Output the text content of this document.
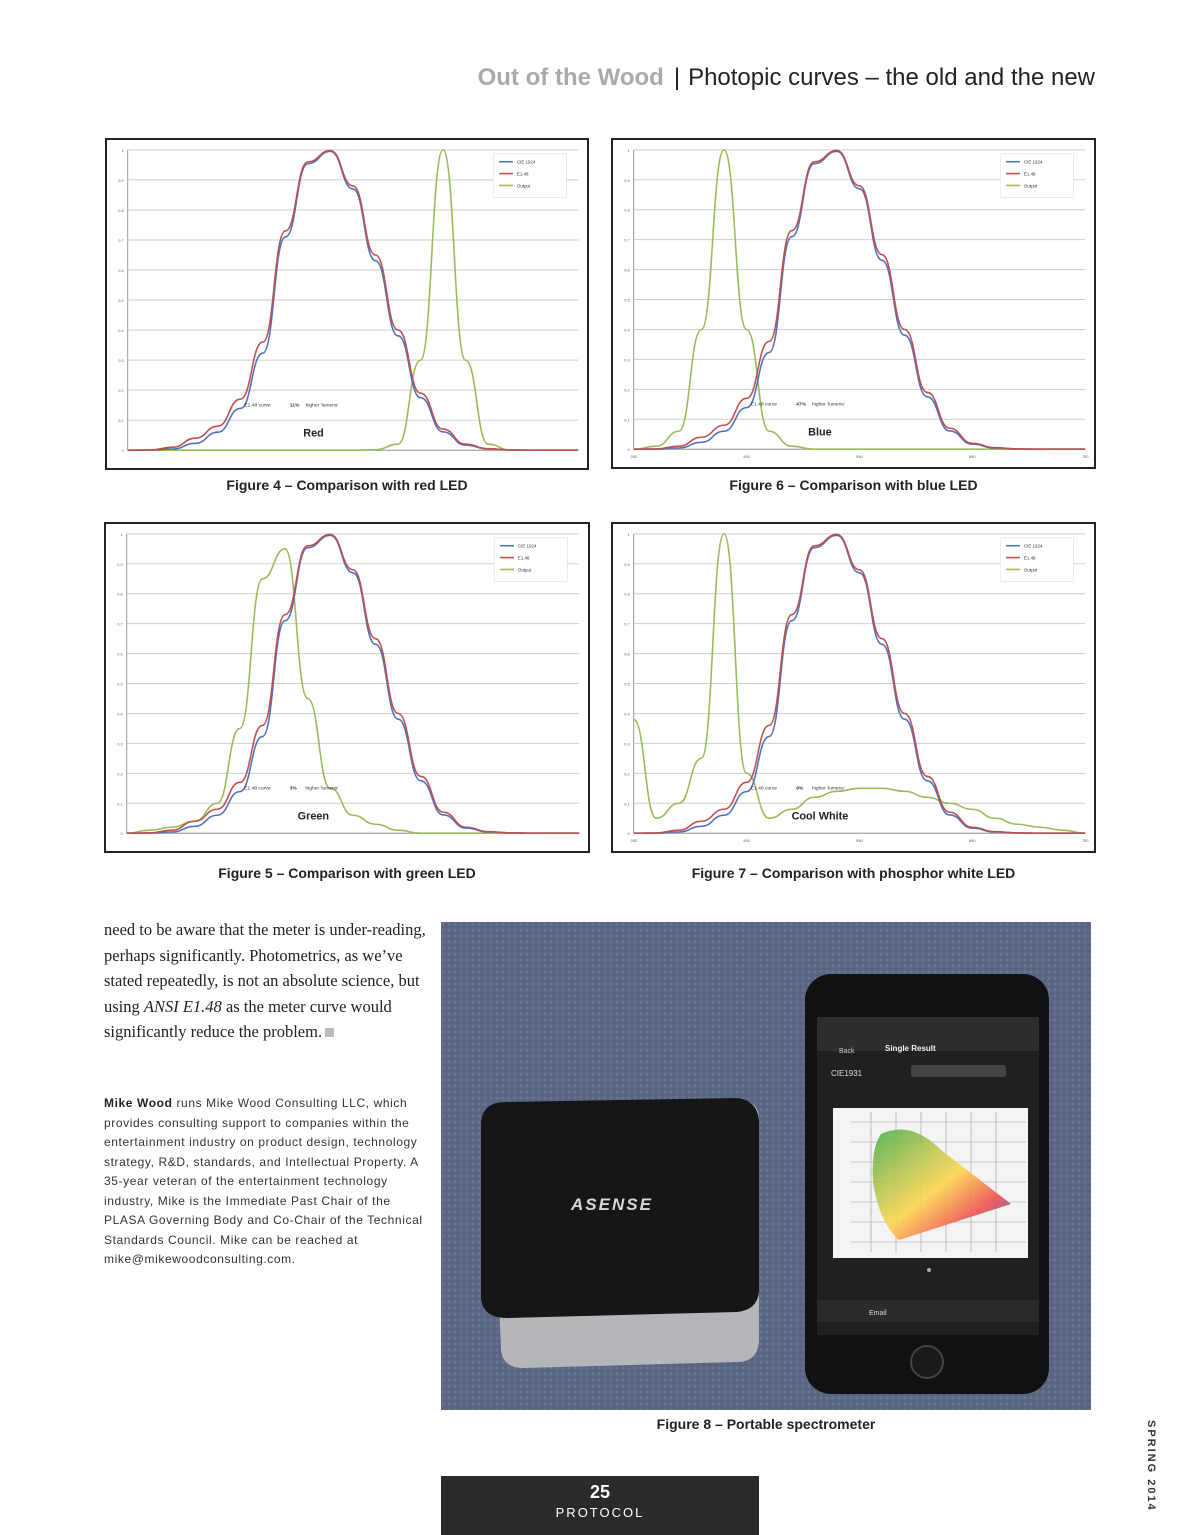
Out of the Wood | Photopic curves – the old and the new
0
0.1
0.2
0.3
0.4
0.5
0.6
0.7
0.8
0.9
1
CIE 1924
E1.48
Output
E1.48 curve	11% higher 'lumens'
Red
Figure 4 – Comparison with red LED
0
0.1
0.2
0.3
0.4
0.5
0.6
0.7
0.8
0.9
1
350	450	550	650	750
CIE 1924
E1.48
Output
E1.48 curve	47% higher 'lumens'
Blue
Figure 6 – Comparison with blue LED
0
0.1
0.2
0.3
0.4
0.5
0.6
0.7
0.8
0.9
1
CIE 1924
E1.48
Output
E1.48 curve	3% higher 'lumens'
Green
Figure 5 – Comparison with green LED
0
0.1
0.2
0.3
0.4
0.5
0.6
0.7
0.8
0.9
1
350	450	550	650	750
CIE 1924
E1.48
Output
E1.48 curve	9% higher 'lumens'
Cool White
Figure 7 – Comparison with phosphor white LED
need to be aware that the meter is under-reading, perhaps significantly. Photometrics, as we’ve stated repeatedly, is not an absolute science, but using ANSI E1.48 as the meter curve would significantly reduce the problem.
Mike Wood runs Mike Wood Consulting LLC, which provides consulting support to companies within the entertainment industry on product design, technology strategy, R&D, standards, and Intellectual Property. A 35-year veteran of the entertainment technology industry, Mike is the Immediate Past Chair of the PLASA Governing Body and Co-Chair of the Technical Standards Council. Mike can be reached at mike@mikewoodconsulting.com.
ASENSE
Back	Single Result
CIE1931
Email
Figure 8 – Portable spectrometer	SPRING 2014
25
PROTOCOL
